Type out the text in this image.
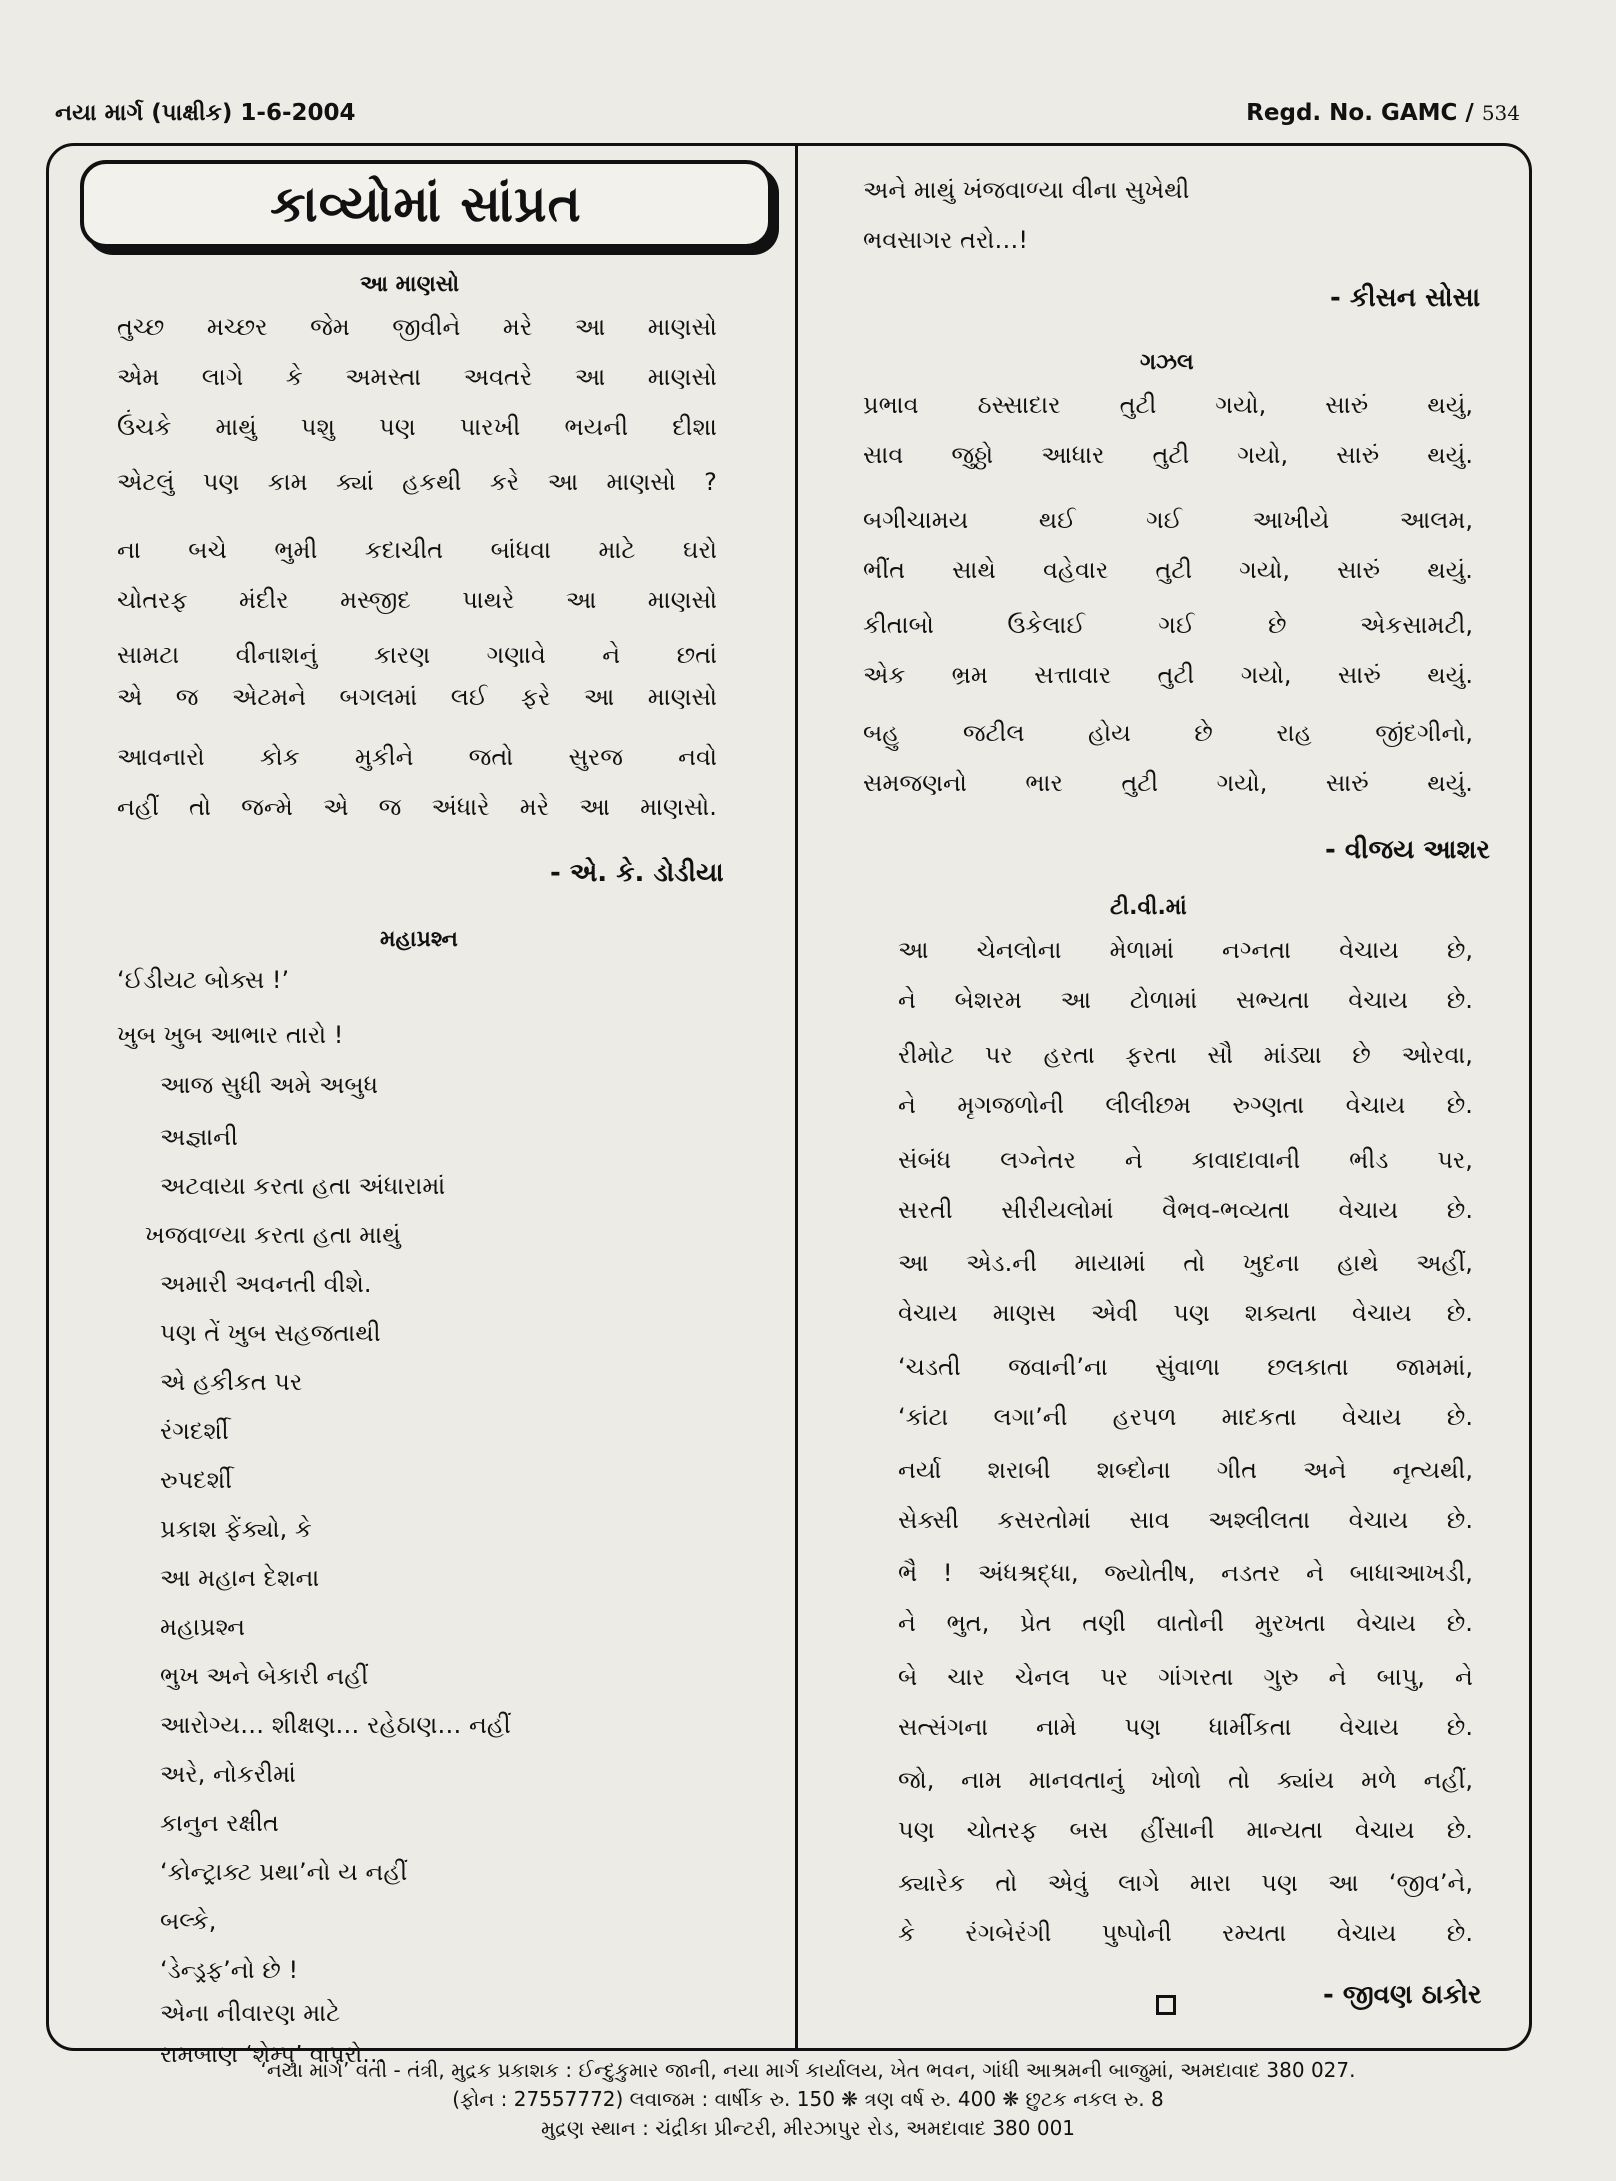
નયા માર્ગ (પાક્ષીક) 1-6-2004	Regd. No. GAMC / 534
કાવ્યોમાં સાંપ્રત
આ માણસો
તુચ્છ મચ્છર જેમ જીવીને મરે આ માણસો
એમ લાગે કે અમસ્તા અવતરે આ માણસો
ઉંચકે માથું પશુ પણ પારખી ભયની દીશા
એટલું પણ કામ ક્યાં હકથી કરે આ માણસો ?
ના બચે ભુમી કદાચીત બાંધવા માટે ઘરો
ચોતરફ મંદીર મસ્જીદ પાથરે આ માણસો
સામટા વીનાશનું કારણ ગણાવે ને છતાં
એ જ એટમને બગલમાં લઈ ફરે આ માણસો
આવનારો કોક મુકીને જતો સુરજ નવો
નહીં તો જન્મે એ જ અંધારે મરે આ માણસો.
- એ. કે. ડોડીયા
મહાપ્રશ્ન
‘ઈડીયટ બોક્સ !’
ખુબ ખુબ આભાર તારો !
આજ સુધી અમે અબુધ
અજ્ઞાની
અટવાયા કરતા હતા અંધારામાં
ખજવાળ્યા કરતા હતા માથું
અમારી અવનતી વીશે.
પણ તેં ખુબ સહજતાથી
એ હકીકત પર
રંગદર્શી
રુપદર્શી
પ્રકાશ ફેંક્યો, કે
આ મહાન દેશના
મહાપ્રશ્ન
ભુખ અને બેકારી નહીં
આરોગ્ય… શીક્ષણ… રહેઠાણ… નહીં
અરે, નોકરીમાં
કાનુન રક્ષીત
‘કોન્ટ્રાક્ટ પ્રથા’નો ય નહીં
બલ્કે,
‘ડેન્ડ્રફ’નો છે !
એના નીવારણ માટે
રામબાણ ‘શેમ્પુ’ વાપરો…
અને માથું ખંજવાળ્યા વીના સુખેથી
ભવસાગર તરો…!
- કીસન સોસા
ગઝલ
પ્રભાવ ઠસ્સાદાર તુટી ગયો, સારું થયું,
સાવ જુઠ્ઠો આધાર તુટી ગયો, સારું થયું.
બગીચામય	થઈ	ગઈ	આખીયે	આલમ,
ભીંત સાથે વહેવાર તુટી ગયો, સારું થયું.
કીતાબો	ઉકેલાઈ	ગઈ	છે	એકસામટી,
એક ભ્રમ સત્તાવાર તુટી ગયો, સારું થયું.
બહુ	જટીલ	હોય	છે	રાહ	જીંદગીનો,
સમજણનો ભાર તુટી ગયો, સારું થયું.
- વીજય આશર
ટી.વી.માં
આ ચેનલોના મેળામાં નગ્નતા વેચાય છે,
ને બેશરમ આ ટોળામાં સભ્યતા વેચાય છે.
રીમોટ પર હરતા ફરતા સૌ માંડ્યા છે ઓરવા,
ને મૃગજળોની લીલીછમ રુગ્ણતા વેચાય છે.
સંબંધ લગ્નેતર ને કાવાદાવાની ભીડ પર,
સરતી સીરીયલોમાં વૈભવ-ભવ્યતા વેચાય છે.
આ એડ.ની માયામાં તો ખુદના હાથે અહીં,
વેચાય માણસ એવી પણ શક્યતા વેચાય છે.
‘ચડતી જવાની’ના સુંવાળા છલકાતા જામમાં,
‘કાંટા લગા’ની હરપળ માદકતા વેચાય છે.
નર્યા શરાબી શબ્દોના ગીત અને નૃત્યથી,
સેક્સી કસરતોમાં સાવ અશ્લીલતા વેચાય છે.
ભૈ ! અંધશ્રદ્ધા, જ્યોતીષ, નડતર ને બાધાઆખડી,
ને ભુત, પ્રેત તણી વાતોની મુરખતા વેચાય છે.
બે ચાર ચેનલ પર ગાંગરતા ગુરુ ને બાપુ, ને
સત્સંગના નામે પણ ધાર્મીકતા વેચાય છે.
જો, નામ માનવતાનું ખોળો તો ક્યાંય મળે નહીં,
પણ ચોતરફ બસ હીંસાની માન્યતા વેચાય છે.
ક્યારેક તો એવું લાગે મારા પણ આ ‘જીવ’ને,
કે રંગબેરંગી પુષ્પોની રમ્યતા વેચાય છે.
- જીવણ ઠાકોર
‘નયા માર્ગ’ વતી - તંત્રી, મુદ્રક પ્રકાશક : ઈન્દુકુમાર જાની, નયા માર્ગ કાર્યાલય, ખેત ભવન, ગાંધી આશ્રમની બાજુમાં, અમદાવાદ 380 027.
(ફોન : 27557772) લવાજમ : વાર્ષીક રુ. 150 ❋ ત્રણ વર્ષ રુ. 400 ❋ છુટક નકલ રુ. 8
મુદ્રણ સ્થાન : ચંદ્રીકા પ્રીન્ટરી, મીરઝાપુર રોડ, અમદાવાદ 380 001
